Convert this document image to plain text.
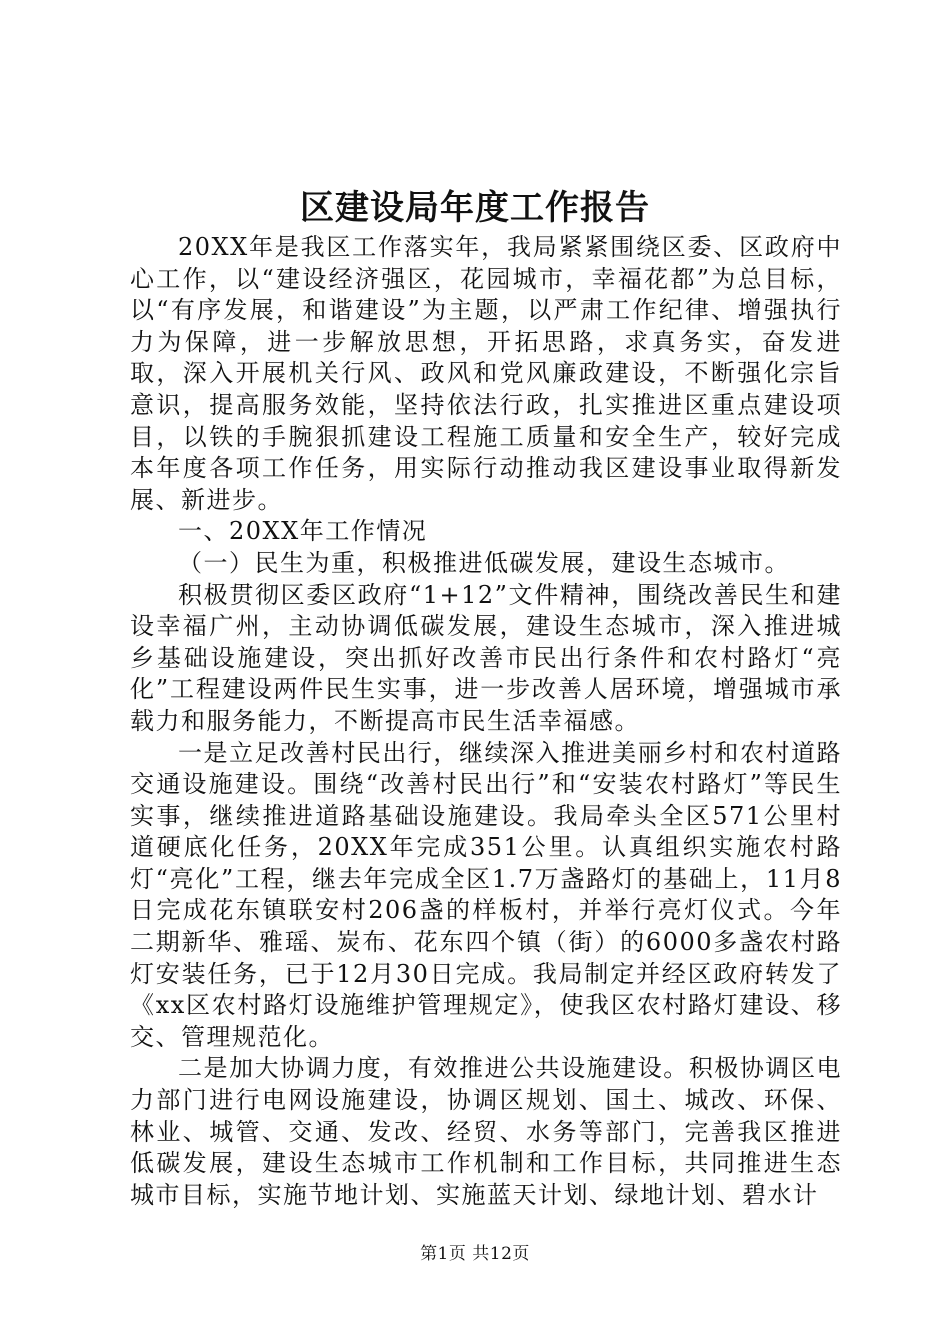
区建设局年度工作报告

20XX年是我区工作落实年，我局紧紧围绕区委、区政府中心工作，以“建设经济强区，花园城市，幸福花都”为总目标，以“有序发展，和谐建设”为主题，以严肃工作纪律、增强执行力为保障，进一步解放思想，开拓思路，求真务实，奋发进取，深入开展机关行风、政风和党风廉政建设，不断强化宗旨意识，提高服务效能，坚持依法行政，扎实推进区重点建设项目，以铁的手腕狠抓建设工程施工质量和安全生产，较好完成本年度各项工作任务，用实际行动推动我区建设事业取得新发展、新进步。

一、20XX年工作情况

（一）民生为重，积极推进低碳发展，建设生态城市。

积极贯彻区委区政府“1+12”文件精神，围绕改善民生和建设幸福广州，主动协调低碳发展，建设生态城市，深入推进城乡基础设施建设，突出抓好改善市民出行条件和农村路灯“亮化”工程建设两件民生实事，进一步改善人居环境，增强城市承载力和服务能力，不断提高市民生活幸福感。

一是立足改善村民出行，继续深入推进美丽乡村和农村道路交通设施建设。围绕“改善村民出行”和“安装农村路灯”等民生实事，继续推进道路基础设施建设。我局牵头全区571公里村道硬底化任务，20XX年完成351公里。认真组织实施农村路灯“亮化”工程，继去年完成全区1.7万盏路灯的基础上，11月8日完成花东镇联安村206盏的样板村，并举行亮灯仪式。今年二期新华、雅瑶、炭布、花东四个镇（街）的6000多盏农村路灯安装任务，已于12月30日完成。我局制定并经区政府转发了《xx区农村路灯设施维护管理规定》，使我区农村路灯建设、移交、管理规范化。

二是加大协调力度，有效推进公共设施建设。积极协调区电力部门进行电网设施建设，协调区规划、国土、城改、环保、林业、城管、交通、发改、经贸、水务等部门，完善我区推进低碳发展，建设生态城市工作机制和工作目标，共同推进生态城市目标，实施节地计划、实施蓝天计划、绿地计划、碧水计

第1页 共12页
